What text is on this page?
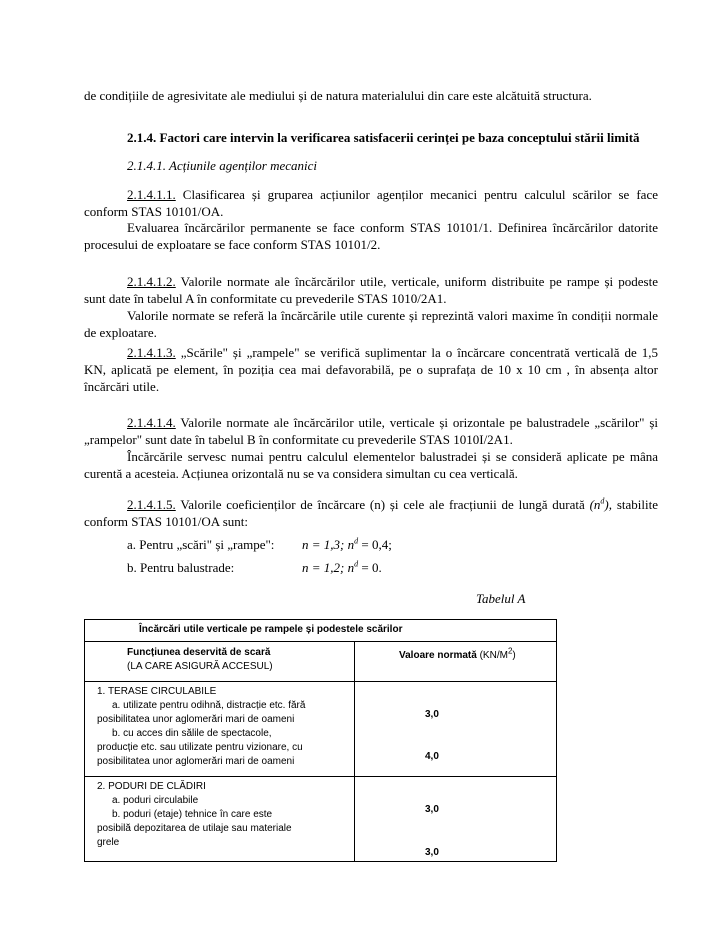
de condițiile de agresivitate ale mediului și de natura materialului din care este alcătuită structura.
2.1.4. Factori care intervin la verificarea satisfacerii cerinței pe baza conceptului stării limită
2.1.4.1. Acțiunile agenților mecanici
2.1.4.1.1. Clasificarea și gruparea acțiunilor agenților mecanici pentru calculul scărilor se face conform STAS 10101/OA.
Evaluarea încărcărilor permanente se face conform STAS 10101/1. Definirea încărcărilor datorite procesului de exploatare se face conform STAS 10101/2.
2.1.4.1.2. Valorile normate ale încărcărilor utile, verticale, uniform distribuite pe rampe și podeste sunt date în tabelul A în conformitate cu prevederile STAS 1010/2A1.
Valorile normate se referă la încărcările utile curente și reprezintă valori maxime în condiții normale de exploatare.
2.1.4.1.3. „Scările" și „rampele" se verifică suplimentar la o încărcare concentrată verticală de 1,5 KN, aplicată pe element, în poziția cea mai defavorabilă, pe o suprafața de 10 x 10 cm , în absența altor încărcări utile.
2.1.4.1.4. Valorile normate ale încărcărilor utile, verticale și orizontale pe balustradele „scărilor" și „rampelor" sunt date în tabelul B în conformitate cu prevederile STAS 1010I/2A1.
Încărcările servesc numai pentru calculul elementelor balustradei și se consideră aplicate pe mâna curentă a acesteia. Acțiunea orizontală nu se va considera simultan cu cea verticală.
2.1.4.1.5. Valorile coeficienților de încărcare (n) și cele ale fracțiunii de lungă durată $(n^d)$, stabilite conform STAS 10101/OA sunt:
a. Pentru „scări" și „rampe": n = 1,3; $n^d = 0,4$;
b. Pentru balustrade:	n = 1,2; $n^d = 0$.
Tabelul A
Încărcări utile verticale pe rampele și podestele scărilor
Funcțiunea deservită de scară
(LA CARE ASIGURĂ ACCESUL)
Valoare normată $(KN/M^2)$
1. TERASE CIRCULABILE
a. utilizate pentru odihnă, distracție etc. fără
posibilitatea unor aglomerări mari de oameni
b. cu acces din sălile de spectacole,
producție etc. sau utilizate pentru vizionare, cu
posibilitatea unor aglomerări mari de oameni
3,0
4,0
2. PODURI DE CLĂDIRI
a. poduri circulabile
b. poduri (etaje) tehnice în care este
posibilă depozitarea de utilaje sau materiale
grele
3,0
3,0
